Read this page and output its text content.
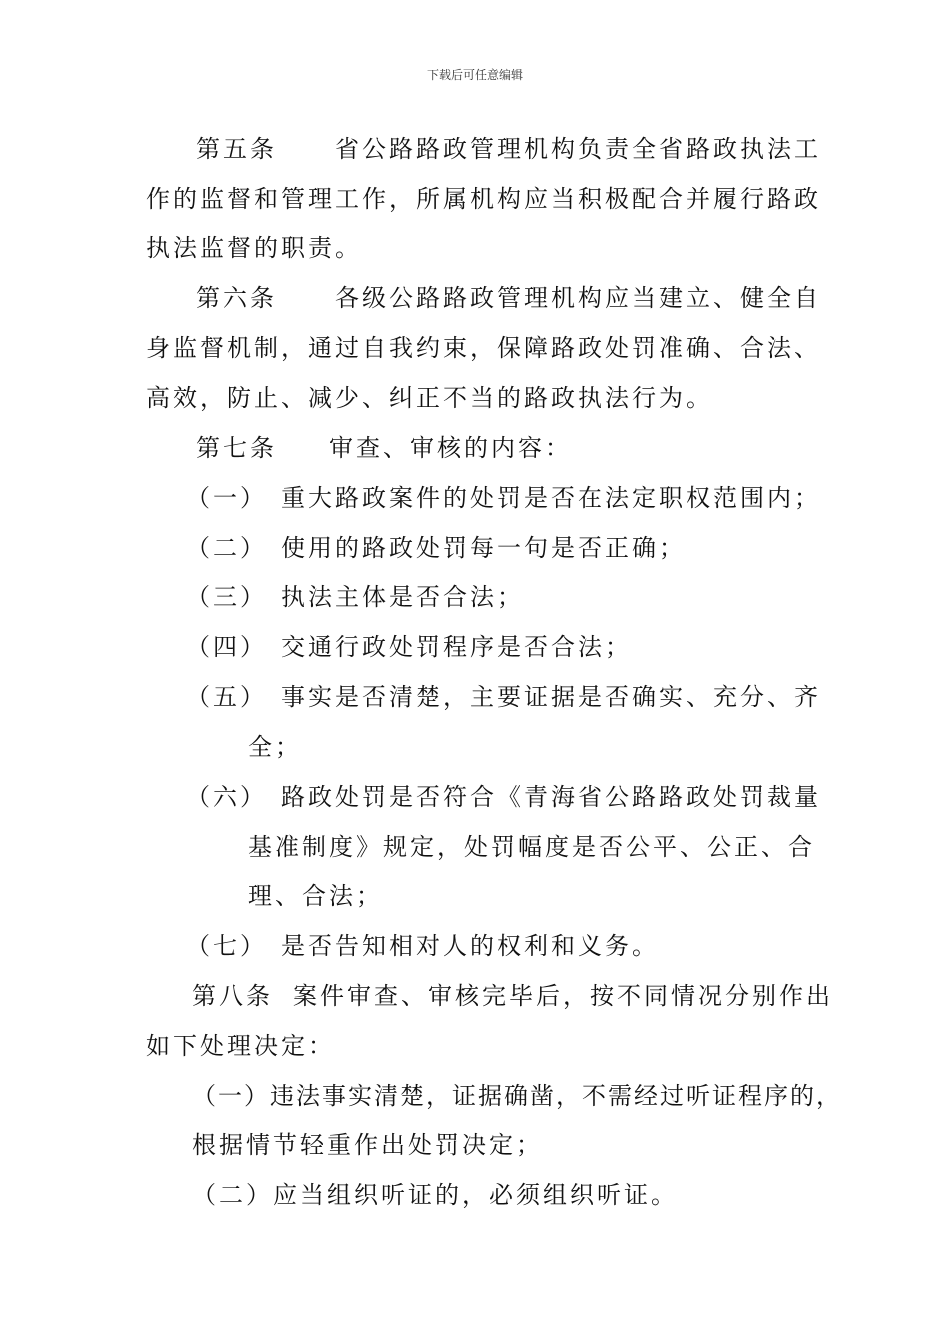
下载后可任意编辑
第五条 省公路路政管理机构负责全省路政执法工
作的监督和管理工作，所属机构应当积极配合并履行路政
执法监督的职责。
第六条 各级公路路政管理机构应当建立、健全自
身监督机制，通过自我约束，保障路政处罚准确、合法、
高效，防止、减少、纠正不当的路政执法行为。
第七条 审查、审核的内容：
（一） 重大路政案件的处罚是否在法定职权范围内；
（二） 使用的路政处罚每一句是否正确；
（三） 执法主体是否合法；
（四） 交通行政处罚程序是否合法；
（五） 事实是否清楚，主要证据是否确实、充分、齐
全；
（六） 路政处罚是否符合《青海省公路路政处罚裁量
基准制度》规定，处罚幅度是否公平、公正、合
理、合法；
（七） 是否告知相对人的权利和义务。
第八条 案件审查、审核完毕后，按不同情况分别作出
如下处理决定：
（一）违法事实清楚，证据确凿，不需经过听证程序的，
根据情节轻重作出处罚决定；
（二）应当组织听证的，必须组织听证。
